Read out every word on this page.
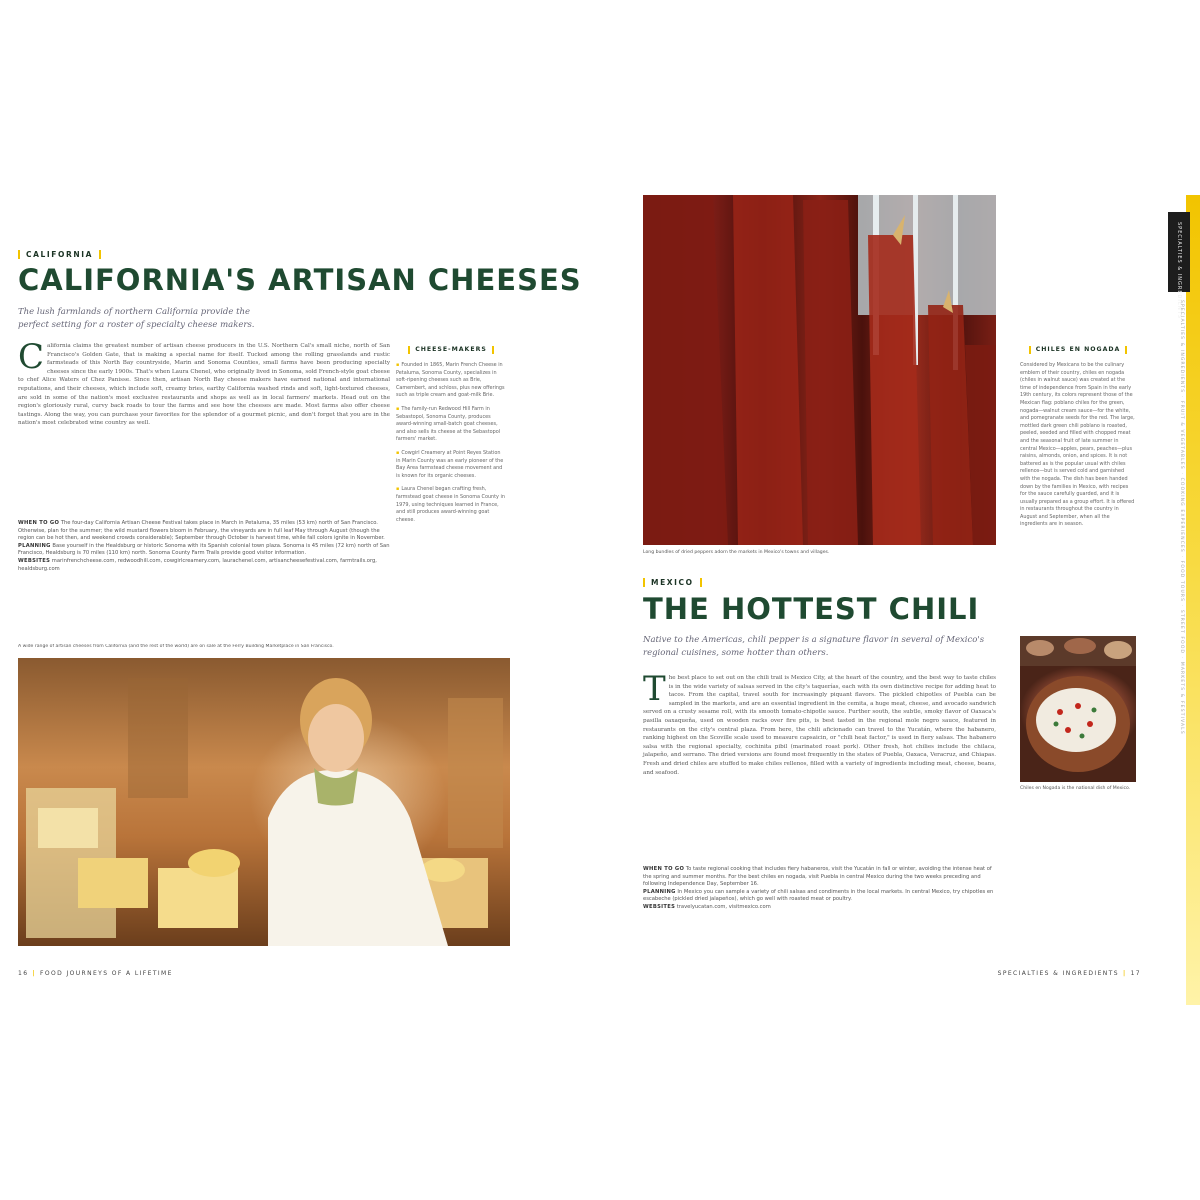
CALIFORNIA
CALIFORNIA'S ARTISAN CHEESES

The lush farmlands of northern California provide the perfect setting for a roster of specialty cheese makers.

California claims the greatest number of artisan cheese producers in the U.S. Northern Cal's small niche, north of San Francisco's Golden Gate, that is making a special name for itself. Tucked among the rolling grasslands and rustic farmsteads of this North Bay countryside, Marin and Sonoma Counties, small farms have been producing specialty cheeses since the early 1900s. That's when Laura Chenel, who originally lived in Sonoma, sold French-style goat cheese to chef Alice Waters of Chez Panisse. Since then, artisan North Bay cheese makers have earned national and international reputations, and their cheeses, which include soft, creamy bries, earthy California washed rinds and soft, light-textured cheeses, are sold in some of the nation's most exclusive restaurants and shops as well as in local farmers' markets. Head out on the region's gloriously rural, curvy back roads to tour the farms and see how the cheeses are made. Most farms also offer cheese tastings. Along the way, you can purchase your favorites for the splendor of a gourmet picnic, and don't forget that you are in the nation's most celebrated wine country as well.

WHEN TO GO The four-day California Artisan Cheese Festival takes place in March in Petaluma, 35 miles (53 km) north of San Francisco. Otherwise, plan for the summer; the wild mustard flowers bloom in February, the vineyards are in full leaf May through August (though the region can be hot then, and weekend crowds considerable); September through October is harvest time, while fall colors ignite in November.

PLANNING Base yourself in the Healdsburg or historic Sonoma with its Spanish colonial town plaza. Sonoma is 45 miles (72 km) north of San Francisco, Healdsburg is 70 miles (110 km) north. Sonoma County Farm Trails provide good visitor information.

WEBSITES marinfrenchcheese.com, redwoodhill.com, cowgirlcreamery.com, laurachenel.com, artisancheesefestival.com, farmtrails.org, healdsburg.com

CHEESE-MAKERS

▪ Founded in 1865, Marin French Cheese in Petaluma, Sonoma County, specializes in soft-ripening cheeses such as Brie, Camembert, and schloss, plus new offerings such as triple cream and goat-milk Brie.

▪ The family-run Redwood Hill Farm in Sebastopol, Sonoma County, produces award-winning small-batch goat cheeses, and also sells its cheese at the Sebastopol farmers' market.

▪ Cowgirl Creamery at Point Reyes Station in Marin County was an early pioneer of the Bay Area farmstead cheese movement and is known for its organic cheeses.

▪ Laura Chenel began crafting fresh, farmstead goat cheese in Sonoma County in 1979, using techniques learned in France, and still produces award-winning goat cheese.

A wide range of artisan cheeses from California (and the rest of the world) are on sale at the Ferry Building Marketplace in San Francisco.

16 | FOOD JOURNEYS OF A LIFETIME

Long bundles of dried peppers adorn the markets in Mexico's towns and villages.

MEXICO
THE HOTTEST CHILI

Native to the Americas, chili pepper is a signature flavor in several of Mexico's regional cuisines, some hotter than others.

The best place to set out on the chili trail is Mexico City, at the heart of the country, and the best way to taste chiles is in the wide variety of salsas served in the city's taquerías, each with its own distinctive recipe for adding heat to tacos. From the capital, travel south for increasingly piquant flavors. The pickled chipotles of Puebla can be sampled in the markets, and are an essential ingredient in the cemita, a huge meat, cheese, and avocado sandwich served on a crusty sesame roll, with its smooth tomato-chipotle sauce. Further south, the subtle, smoky flavor of Oaxaca's pasilla oaxaqueña, used on wooden racks over fire pits, is best tasted in the regional mole negro sauce, featured in restaurants on the city's central plaza. From here, the chili aficionado can travel to the Yucatán, where the habanero, ranking highest on the Scoville scale used to measure capsaicin, or "chili heat factor," is used in fiery salsas. The habanero salsa with the regional specialty, cochinita pibil (marinated roast pork). Other fresh, hot chilies include the chilaca, jalapeño, and serrano. The dried versions are found most frequently in the states of Puebla, Oaxaca, Veracruz, and Chiapas. Fresh and dried chiles are stuffed to make chiles rellenos, filled with a variety of ingredients including meat, cheese, beans, and seafood.

WHEN TO GO To taste regional cooking that includes fiery habaneros, visit the Yucatán in fall or winter, avoiding the intense heat of the spring and summer months. For the best chiles en nogada, visit Puebla in central Mexico during the two weeks preceding and following Independence Day, September 16.

PLANNING In Mexico you can sample a variety of chili salsas and condiments in the local markets. In central Mexico, try chipotles en escabeche (pickled dried jalapeños), which go well with roasted meat or poultry.

WEBSITES travelyucatan.com, visitmexico.com

CHILES EN NOGADA

Considered by Mexicans to be the culinary emblem of their country, chiles en nogada (chiles in walnut sauce) was created at the time of independence from Spain in the early 19th century, its colors represent those of the Mexican flag: poblano chiles for the green, nogada—walnut cream sauce—for the white, and pomegranate seeds for the red. The large, mottled dark green chili poblano is roasted, peeled, seeded and filled with chopped meat and the seasonal fruit of late summer in central Mexico—apples, pears, peaches—plus raisins, almonds, onion, and spices. It is not battered as is the popular usual with chiles rellenos—but is served cold and garnished with the nogada. The dish has been handed down by the families in Mexico, with recipes for the sauce carefully guarded, and it is usually prepared as a group effort. It is offered in restaurants throughout the country in August and September, when all the ingredients are in season.

Chiles en Nogada is the national dish of Mexico.

SPECIALTIES & INGREDIENTS | 17
SPECIALTIES & INGREDIENTS
SPECIALTIES & INGREDIENTS · FRUIT & VEGETABLES · COOKING EXPERIENCES · FOOD TOURS · STREET FOOD · MARKETS & FESTIVALS
